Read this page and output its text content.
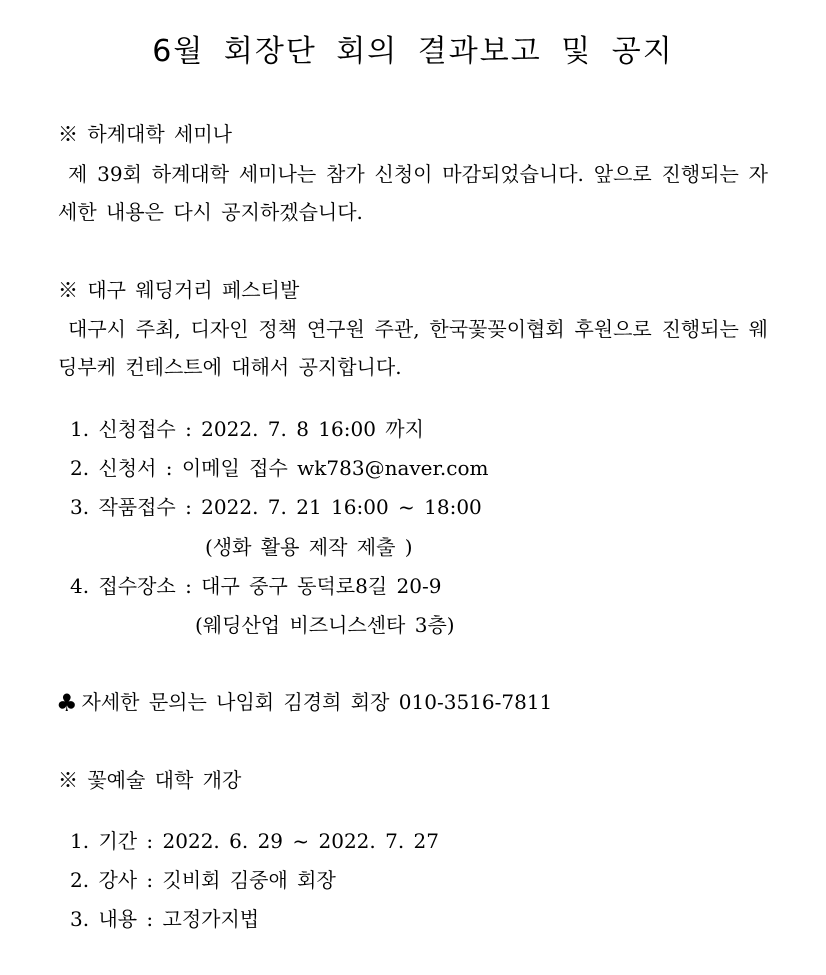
6월 회장단 회의 결과보고 및 공지
※ 하계대학 세미나
제 39회 하계대학 세미나는 참가 신청이 마감되었습니다. 앞으로 진행되는 자세한 내용은 다시 공지하겠습니다.
※ 대구 웨딩거리 페스티발
대구시 주최, 디자인 정책 연구원 주관, 한국꽃꽂이협회 후원으로 진행되는 웨딩부케 컨테스트에 대해서 공지합니다.
1. 신청접수 : 2022. 7. 8 16:00 까지
2. 신청서 : 이메일 접수 wk783@naver.com
3. 작품접수 : 2022. 7. 21 16:00 ~ 18:00
(생화 활용 제작 제출 )
4. 접수장소 : 대구 중구 동덕로8길 20-9
(웨딩산업 비즈니스센타 3층)
♣ 자세한 문의는 나임회 김경희 회장 010-3516-7811
※ 꽃예술 대학 개강
1. 기간 : 2022. 6. 29 ~ 2022. 7. 27
2. 강사 : 깃비회 김중애 회장
3. 내용 : 고정가지법
